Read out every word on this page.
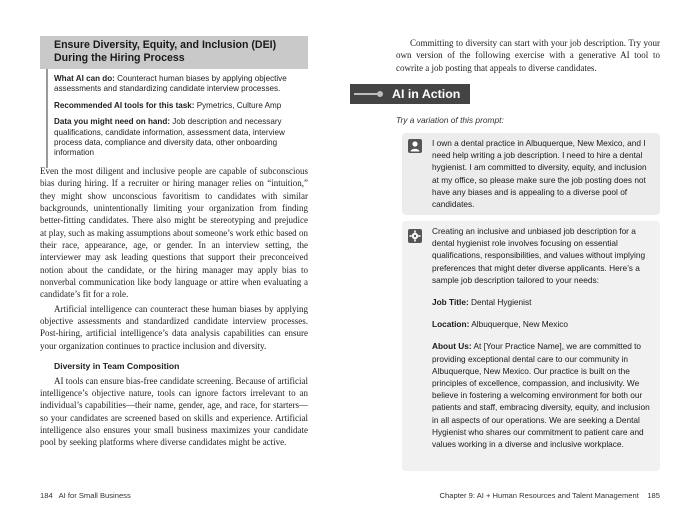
Ensure Diversity, Equity, and Inclusion (DEI)
During the Hiring Process

What AI can do: Counteract human biases by applying objective assessments and standardizing candidate interview processes.

Recommended AI tools for this task: Pymetrics, Culture Amp

Data you might need on hand: Job description and necessary qualifications, candidate information, assessment data, interview process data, compliance and diversity data, other onboarding information

Even the most diligent and inclusive people are capable of subconscious bias during hiring. If a recruiter or hiring manager relies on “intuition,” they might show unconscious favoritism to candidates with similar backgrounds, unintentionally limiting your organization from finding better-fitting candidates. There also might be stereotyping and prejudice at play, such as making assumptions about someone’s work ethic based on their race, appearance, age, or gender. In an interview setting, the interviewer may ask leading questions that support their preconceived notion about the candidate, or the hiring manager may apply bias to nonverbal communication like body language or attire when evaluating a candidate’s fit for a role.

Artificial intelligence can counteract these human biases by applying objective assessments and standardized candidate interview processes. Post-hiring, artificial intelligence’s data analysis capabilities can ensure your organization continues to practice inclusion and diversity.

Diversity in Team Composition

AI tools can ensure bias-free candidate screening. Because of artificial intelligence’s objective nature, tools can ignore factors irrelevant to an individual’s capabilities—their name, gender, age, and race, for starters—so your candidates are screened based on skills and experience. Artificial intelligence also ensures your small business maximizes your candidate pool by seeking platforms where diverse candidates might be active.

184 AI for Small Business

Committing to diversity can start with your job description. Try your own version of the following exercise with a generative AI tool to cowrite a job posting that appeals to diverse candidates.

AI in Action
Try a variation of this prompt:

I own a dental practice in Albuquerque, New Mexico, and I need help writing a job description. I need to hire a dental hygienist. I am committed to diversity, equity, and inclusion at my office, so please make sure the job posting does not have any biases and is appealing to a diverse pool of candidates.

Creating an inclusive and unbiased job description for a dental hygienist role involves focusing on essential qualifications, responsibilities, and values without implying preferences that might deter diverse applicants. Here’s a sample job description tailored to your needs:

Job Title: Dental Hygienist

Location: Albuquerque, New Mexico

About Us: At [Your Practice Name], we are committed to providing exceptional dental care to our community in Albuquerque, New Mexico. Our practice is built on the principles of excellence, compassion, and inclusivity. We believe in fostering a welcoming environment for both our patients and staff, embracing diversity, equity, and inclusion in all aspects of our operations. We are seeking a Dental Hygienist who shares our commitment to patient care and values working in a diverse and inclusive workplace.

Chapter 9: AI + Human Resources and Talent Management 185
